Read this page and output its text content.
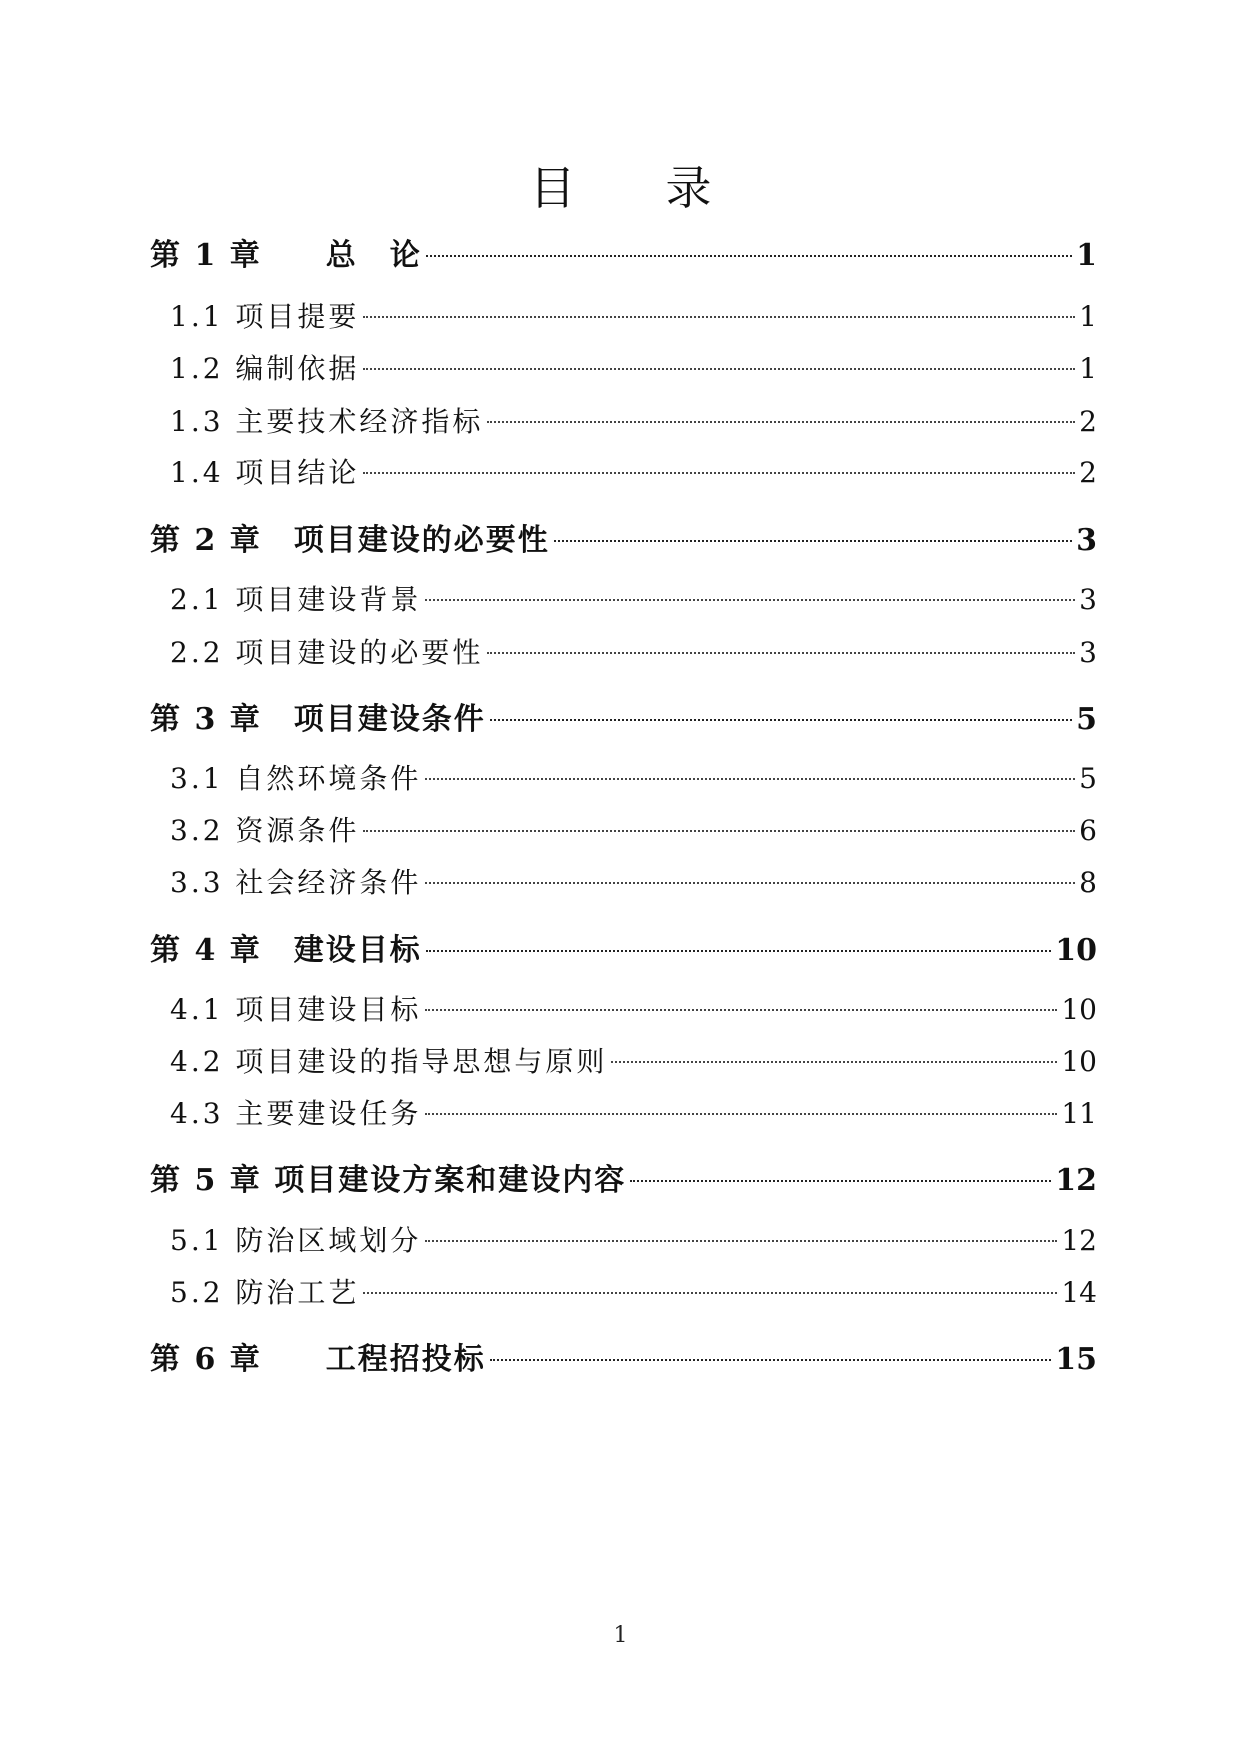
目 录
第 1 章　　总　论	1
1.1 项目提要	1
1.2 编制依据	1
1.3 主要技术经济指标	2
1.4 项目结论	2
第 2 章　项目建设的必要性	3
2.1 项目建设背景	3
2.2 项目建设的必要性	3
第 3 章　项目建设条件	5
3.1 自然环境条件	5
3.2 资源条件	6
3.3 社会经济条件	8
第 4 章　建设目标	10
4.1 项目建设目标	10
4.2 项目建设的指导思想与原则	10
4.3 主要建设任务	11
第 5 章 项目建设方案和建设内容	12
5.1 防治区域划分	12
5.2 防治工艺	14
第 6 章　　工程招投标	15
1
